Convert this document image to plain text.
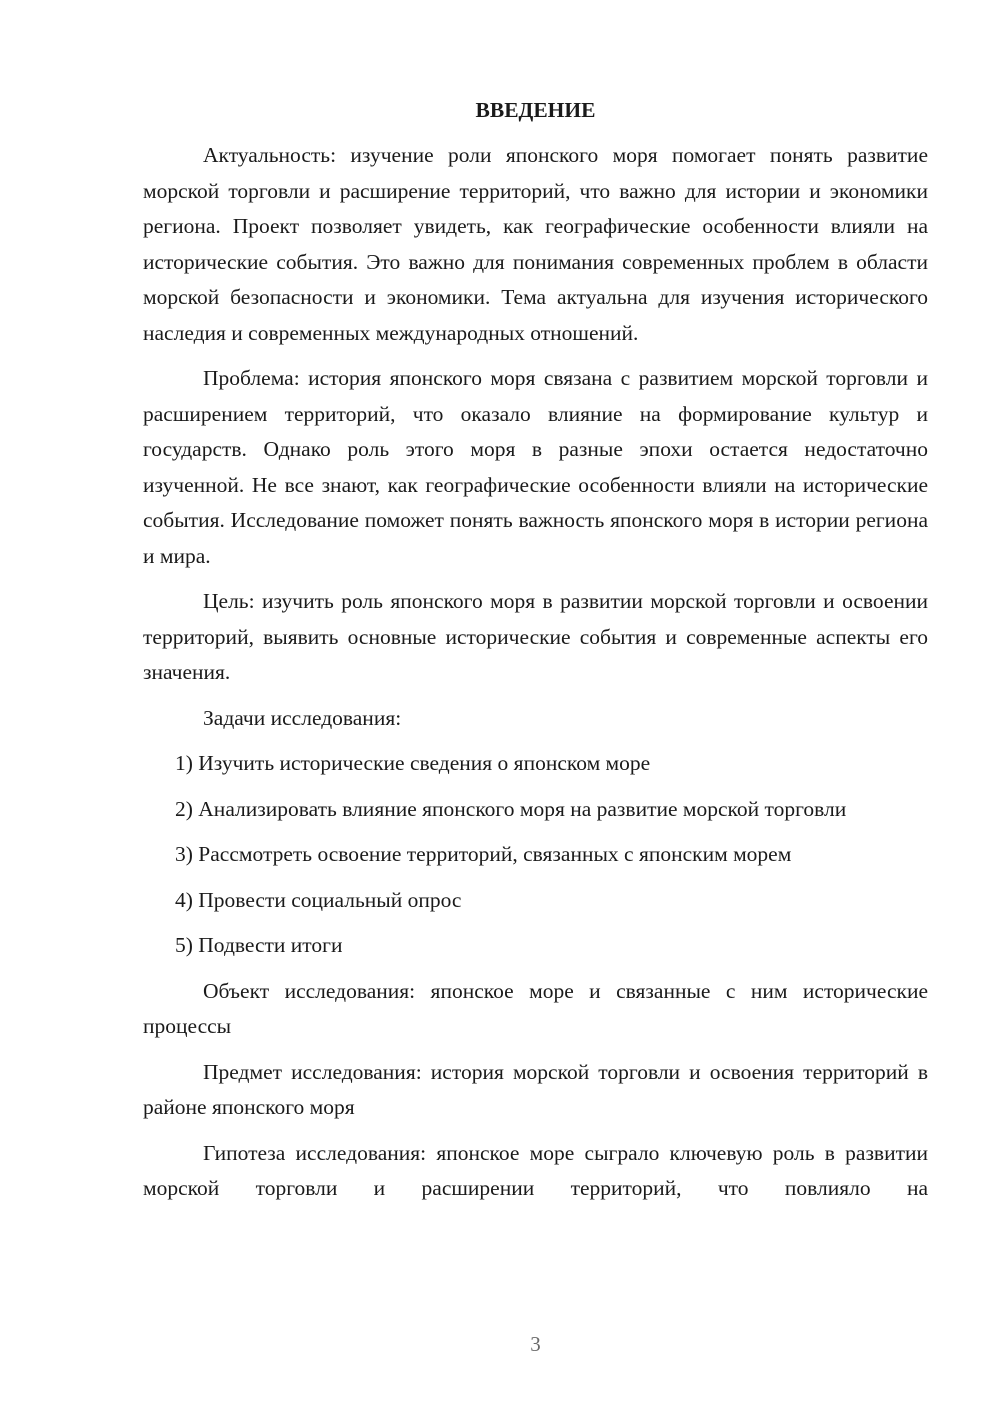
ВВЕДЕНИЕ

Актуальность: изучение роли японского моря помогает понять развитие морской торговли и расширение территорий, что важно для истории и экономики региона. Проект позволяет увидеть, как географические особенности влияли на исторические события. Это важно для понимания современных проблем в области морской безопасности и экономики. Тема актуальна для изучения исторического наследия и современных международных отношений.

Проблема: история японского моря связана с развитием морской торговли и расширением территорий, что оказало влияние на формирование культур и государств. Однако роль этого моря в разные эпохи остается недостаточно изученной. Не все знают, как географические особенности влияли на исторические события. Исследование поможет понять важность японского моря в истории региона и мира.

Цель: изучить роль японского моря в развитии морской торговли и освоении территорий, выявить основные исторические события и современные аспекты его значения.

Задачи исследования:

1) Изучить исторические сведения о японском море

2) Анализировать влияние японского моря на развитие морской торговли

3) Рассмотреть освоение территорий, связанных с японским морем

4) Провести социальный опрос

5) Подвести итоги

Объект исследования: японское море и связанные с ним исторические процессы

Предмет исследования: история морской торговли и освоения территорий в районе японского моря

Гипотеза исследования: японское море сыграло ключевую роль в развитии морской торговли и расширении территорий, что повлияло на

3
